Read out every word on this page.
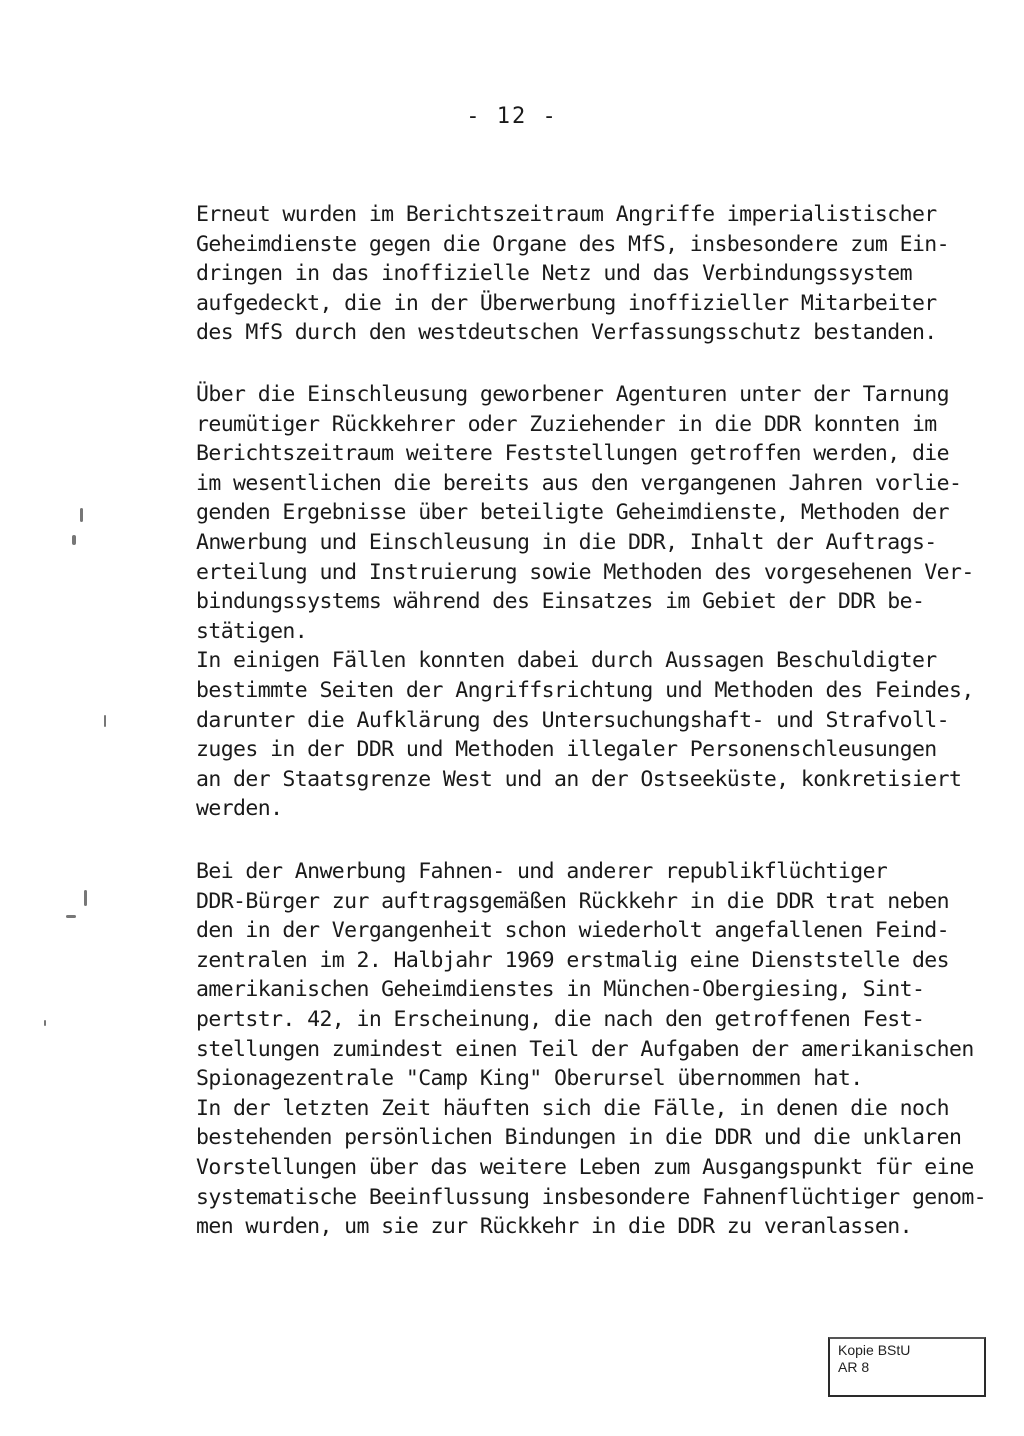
- 12 -

Erneut wurden im Berichtszeitraum Angriffe imperialistischer
Geheimdienste gegen die Organe des MfS, insbesondere zum Ein-
dringen in das inoffizielle Netz und das Verbindungssystem
aufgedeckt, die in der Überwerbung inoffizieller Mitarbeiter
des MfS durch den westdeutschen Verfassungsschutz bestanden.

Über die Einschleusung geworbener Agenturen unter der Tarnung
reumütiger Rückkehrer oder Zuziehender in die DDR konnten im
Berichtszeitraum weitere Feststellungen getroffen werden, die
im wesentlichen die bereits aus den vergangenen Jahren vorlie-
genden Ergebnisse über beteiligte Geheimdienste, Methoden der
Anwerbung und Einschleusung in die DDR, Inhalt der Auftrags-
erteilung und Instruierung sowie Methoden des vorgesehenen Ver-
bindungssystems während des Einsatzes im Gebiet der DDR be-
stätigen.
In einigen Fällen konnten dabei durch Aussagen Beschuldigter
bestimmte Seiten der Angriffsrichtung und Methoden des Feindes,
darunter die Aufklärung des Untersuchungshaft- und Strafvoll-
zuges in der DDR und Methoden illegaler Personenschleusungen
an der Staatsgrenze West und an der Ostseeküste, konkretisiert
werden.

Bei der Anwerbung Fahnen- und anderer republikflüchtiger
DDR-Bürger zur auftragsgemäßen Rückkehr in die DDR trat neben
den in der Vergangenheit schon wiederholt angefallenen Feind-
zentralen im 2. Halbjahr 1969 erstmalig eine Dienststelle des
amerikanischen Geheimdienstes in München-Obergiesing, Sint-
pertstr. 42, in Erscheinung, die nach den getroffenen Fest-
stellungen zumindest einen Teil der Aufgaben der amerikanischen
Spionagezentrale "Camp King" Oberursel übernommen hat.
In der letzten Zeit häuften sich die Fälle, in denen die noch
bestehenden persönlichen Bindungen in die DDR und die unklaren
Vorstellungen über das weitere Leben zum Ausgangspunkt für eine
systematische Beeinflussung insbesondere Fahnenflüchtiger genom-
men wurden, um sie zur Rückkehr in die DDR zu veranlassen.

Kopie BStU
AR 8
